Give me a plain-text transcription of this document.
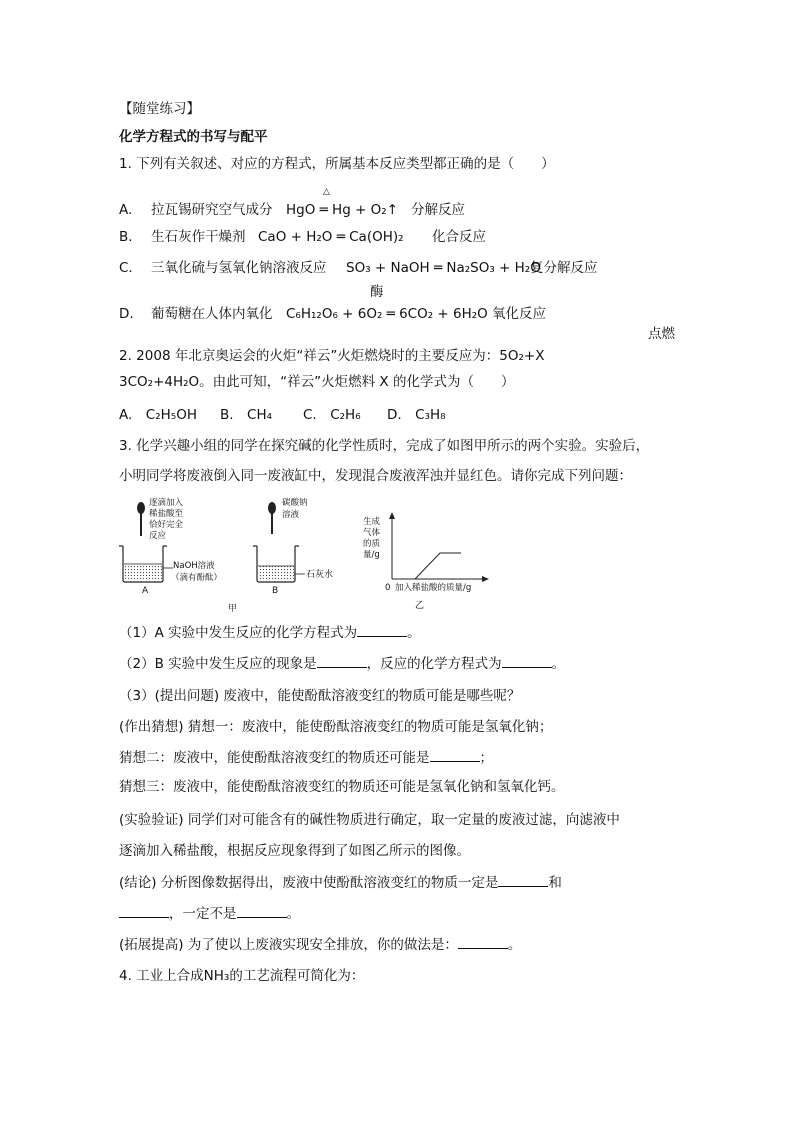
【随堂练习】
化学方程式的书写与配平
1. 下列有关叙述、对应的方程式，所属基本反应类型都正确的是（　　）
△
A. 拉瓦锡研究空气成分 HgO ═ Hg + O₂↑ 分解反应
B. 生石灰作干燥剂 CaO + H₂O ═ Ca(OH)₂ 化合反应
C. 三氧化硫与氢氧化钠溶液反应 SO₃ + NaOH ═ Na₂SO₃ + H₂O
复分解反应
酶
D. 葡萄糖在人体内氧化 C₆H₁₂O₆ + 6O₂ ═ 6CO₂ + 6H₂O 氧化反应
点燃
2. 2008 年北京奥运会的火炬“祥云”火炬燃烧时的主要反应为：5O₂+X
3CO₂+4H₂O。由此可知，“祥云”火炬燃料 X 的化学式为（　　）
A.　C₂H₅OH B.　CH₄ C.　C₂H₆ D.　C₃H₈
3. 化学兴趣小组的同学在探究碱的化学性质时，完成了如图甲所示的两个实验。实验后，
小明同学将废液倒入同一废液缸中，发现混合废液浑浊并显红色。请你完成下列问题：
逐滴加入
稀盐酸至
恰好完全
反应
NaOH溶液
（滴有酚酞）
A
碳酸钠
溶液
石灰水
B
甲
生成
气体
的质
量/g
0 加入稀盐酸的质量/g
乙
（1）A 实验中发生反应的化学方程式为	。
（2）B 实验中发生反应的现象是	，反应的化学方程式为	。
（3）(提出问题) 废液中，能使酚酞溶液变红的物质可能是哪些呢？
(作出猜想) 猜想一：废液中，能使酚酞溶液变红的物质可能是氢氧化钠；
猜想二：废液中，能使酚酞溶液变红的物质还可能是	；
猜想三：废液中，能使酚酞溶液变红的物质还可能是氢氧化钠和氢氧化钙。
(实验验证) 同学们对可能含有的碱性物质进行确定，取一定量的废液过滤，向滤液中
逐滴加入稀盐酸，根据反应现象得到了如图乙所示的图像。
(结论) 分析图像数据得出，废液中使酚酞溶液变红的物质一定是	和
，一定不是	。
(拓展提高) 为了使以上废液实现安全排放，你的做法是：	。
4. 工业上合成NH₃的工艺流程可简化为：
